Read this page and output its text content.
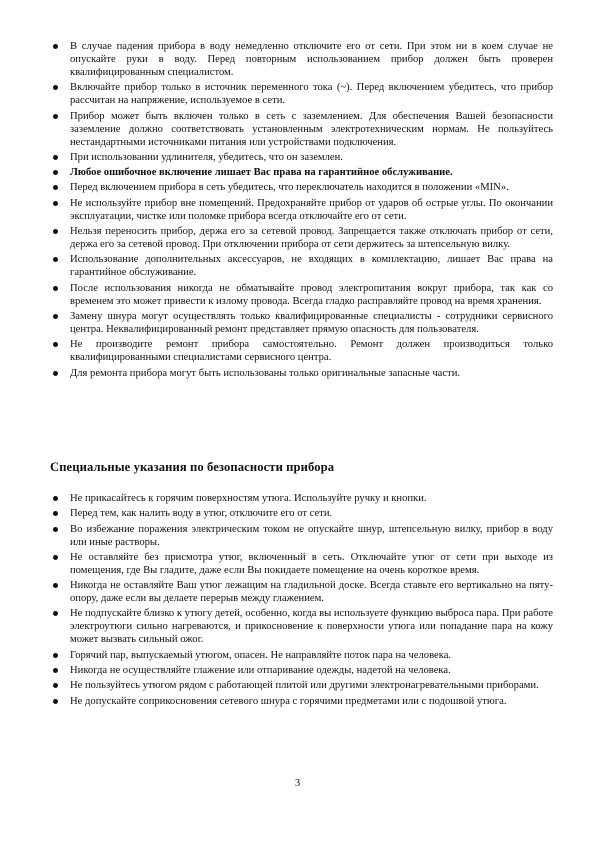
В случае падения прибора в воду немедленно отключите его от сети. При этом ни в коем случае не опускайте руки в воду. Перед повторным использованием прибор должен быть проверен квалифицированным специалистом.
Включайте прибор только в источник переменного тока (~). Перед включением убедитесь, что прибор рассчитан на напряжение, используемое в сети.
Прибор может быть включен только в сеть с заземлением. Для обеспечения Вашей безопасности заземление должно соответствовать установленным электротехническим нормам. Не пользуйтесь нестандартными источниками питания или устройствами подключения.
При использовании удлинителя, убедитесь, что он заземлен.
Любое ошибочное включение лишает Вас права на гарантийное обслуживание.
Перед включением прибора в сеть убедитесь, что переключатель находится в положении «MIN».
Не используйте прибор вне помещений. Предохраняйте прибор от ударов об острые углы. По окончании эксплуатации, чистке или поломке прибора всегда отключайте его от сети.
Нельзя переносить прибор, держа его за сетевой провод. Запрещается также отключать прибор от сети, держа его за сетевой провод. При отключении прибора от сети держитесь за штепсельную вилку.
Использование дополнительных аксессуаров, не входящих в комплектацию, лишает Вас права на гарантийное обслуживание.
После использования никогда не обматывайте провод электропитания вокруг прибора, так как со временем это может привести к излому провода. Всегда гладко расправляйте провод на время хранения.
Замену шнура могут осуществлять только квалифицированные специалисты - сотрудники сервисного центра. Неквалифицированный ремонт представляет прямую опасность для пользователя.
Не производите ремонт прибора самостоятельно. Ремонт должен производиться только квалифицированными специалистами сервисного центра.
Для ремонта прибора могут быть использованы только оригинальные запасные части.
Специальные указания по безопасности прибора
Не прикасайтесь к горячим поверхностям утюга. Используйте ручку и кнопки.
Перед тем, как налить воду в утюг, отключите его от сети.
Во избежание поражения электрическим током не опускайте шнур, штепсельную вилку, прибор в воду или иные растворы.
Не оставляйте без присмотра утюг, включенный в сеть. Отключайте утюг от сети при выходе из помещения, где Вы гладите, даже если Вы покидаете помещение на очень короткое время.
Никогда не оставляйте Ваш утюг лежащим на гладильной доске. Всегда ставьте его вертикально на пяту-опору, даже если вы делаете перерыв между глажением.
Не подпускайте близко к утюгу детей, особенно, когда вы используете функцию выброса пара. При работе электроутюги сильно нагреваются, и прикосновение к поверхности утюга или попадание пара на кожу может вызвать сильный ожог.
Горячий пар, выпускаемый утюгом, опасен. Не направляйте поток пара на человека.
Никогда не осуществляйте глажение или отпаривание одежды, надетой на человека.
Не пользуйтесь утюгом рядом с работающей плитой или другими электронагревательными приборами.
Не допускайте соприкосновения сетевого шнура с горячими предметами или с подошвой утюга.
3
